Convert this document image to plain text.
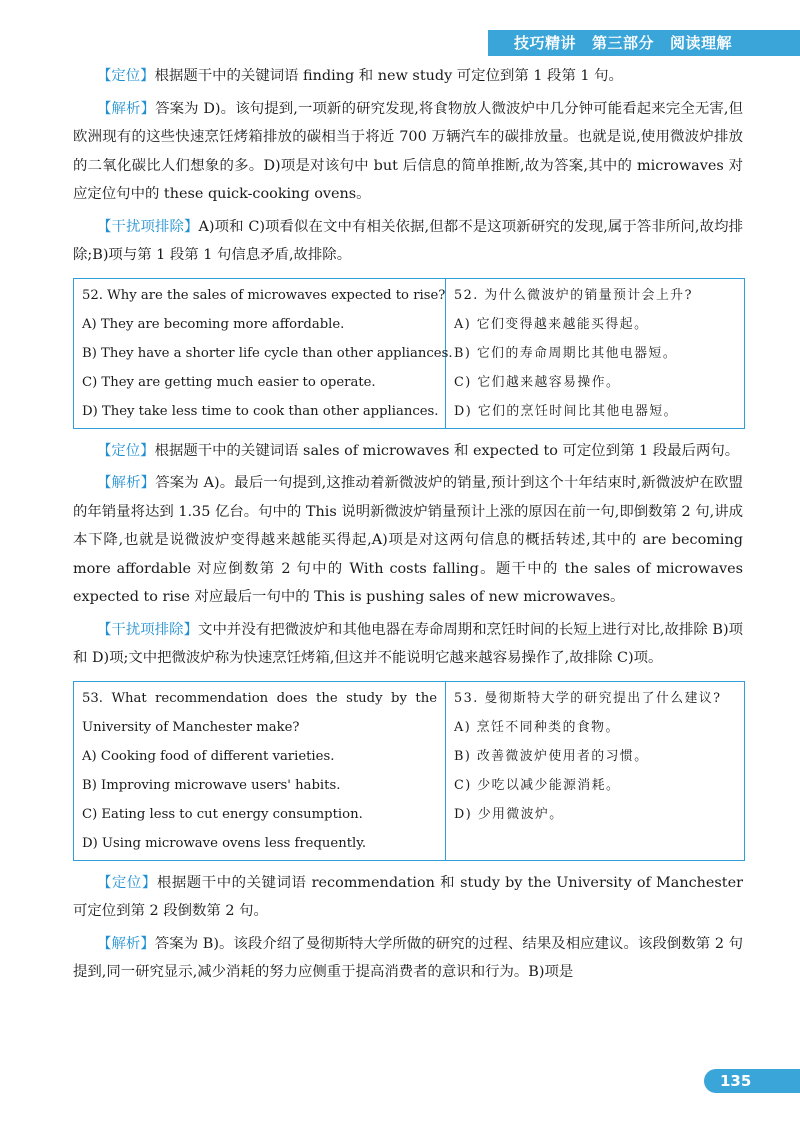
技巧精讲 第三部分 阅读理解

【定位】根据题干中的关键词语 finding 和 new study 可定位到第 1 段第 1 句。

【解析】答案为 D)。该句提到,一项新的研究发现,将食物放人微波炉中几分钟可能看起来完全无害,但欧洲现有的这些快速烹饪烤箱排放的碳相当于将近 700 万辆汽车的碳排放量。也就是说,使用微波炉排放的二氧化碳比人们想象的多。D)项是对该句中 but 后信息的简单推断,故为答案,其中的 microwaves 对应定位句中的 these quick-cooking ovens。

【干扰项排除】A)项和 C)项看似在文中有相关依据,但都不是这项新研究的发现,属于答非所问,故均排除;B)项与第 1 段第 1 句信息矛盾,故排除。

52. Why are the sales of microwaves expected to rise?
A) They are becoming more affordable.
B) They have a shorter life cycle than other appliances.
C) They are getting much easier to operate.
D) They take less time to cook than other appliances.
52. 为什么微波炉的销量预计会上升?
A) 它们变得越来越能买得起。
B) 它们的寿命周期比其他电器短。
C) 它们越来越容易操作。
D) 它们的烹饪时间比其他电器短。

【定位】根据题干中的关键词语 sales of microwaves 和 expected to 可定位到第 1 段最后两句。

【解析】答案为 A)。最后一句提到,这推动着新微波炉的销量,预计到这个十年结束时,新微波炉在欧盟的年销量将达到 1.35 亿台。句中的 This 说明新微波炉销量预计上涨的原因在前一句,即倒数第 2 句,讲成本下降,也就是说微波炉变得越来越能买得起,A)项是对这两句信息的概括转述,其中的 are becoming more affordable 对应倒数第 2 句中的 With costs falling。题干中的 the sales of microwaves expected to rise 对应最后一句中的 This is pushing sales of new microwaves。

【干扰项排除】文中并没有把微波炉和其他电器在寿命周期和烹饪时间的长短上进行对比,故排除 B)项和 D)项;文中把微波炉称为快速烹饪烤箱,但这并不能说明它越来越容易操作了,故排除 C)项。

53. What recommendation does the study by the University of Manchester make?
A) Cooking food of different varieties.
B) Improving microwave users' habits.
C) Eating less to cut energy consumption.
D) Using microwave ovens less frequently.
53. 曼彻斯特大学的研究提出了什么建议?
A) 烹饪不同种类的食物。
B) 改善微波炉使用者的习惯。
C) 少吃以减少能源消耗。
D) 少用微波炉。

【定位】根据题干中的关键词语 recommendation 和 study by the University of Manchester 可定位到第 2 段倒数第 2 句。

【解析】答案为 B)。该段介绍了曼彻斯特大学所做的研究的过程、结果及相应建议。该段倒数第 2 句提到,同一研究显示,减少消耗的努力应侧重于提高消费者的意识和行为。B)项是

135
